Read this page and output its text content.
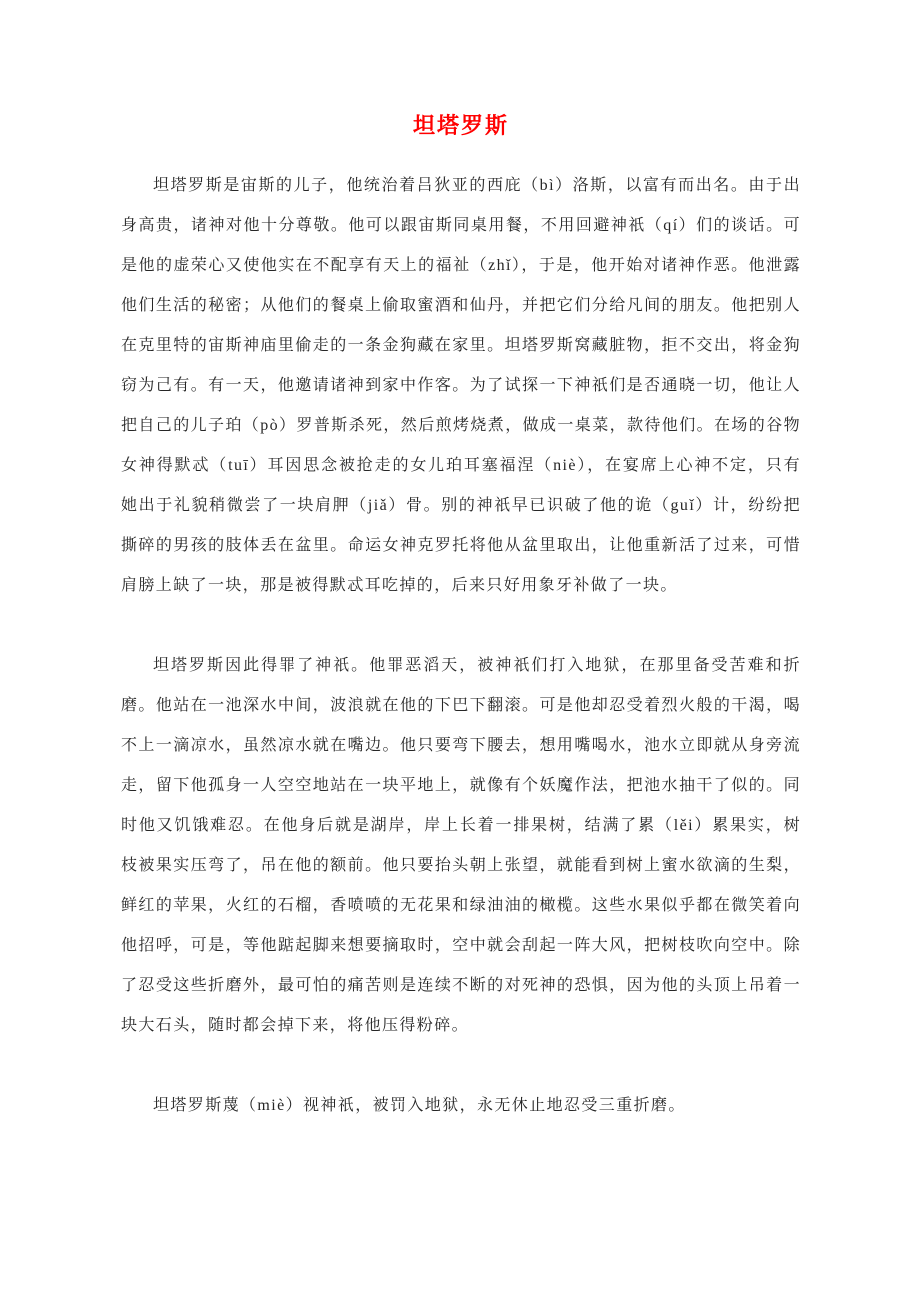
坦塔罗斯

坦塔罗斯是宙斯的儿子，他统治着吕狄亚的西庇（bì）洛斯，以富有而出名。由于出身高贵，诸神对他十分尊敬。他可以跟宙斯同桌用餐，不用回避神祇（qí）们的谈话。可是他的虚荣心又使他实在不配享有天上的福祉（zhǐ），于是，他开始对诸神作恶。他泄露他们生活的秘密；从他们的餐桌上偷取蜜酒和仙丹，并把它们分给凡间的朋友。他把别人在克里特的宙斯神庙里偷走的一条金狗藏在家里。坦塔罗斯窝藏脏物，拒不交出，将金狗窃为己有。有一天，他邀请诸神到家中作客。为了试探一下神祇们是否通晓一切，他让人把自己的儿子珀（pò）罗普斯杀死，然后煎烤烧煮，做成一桌菜，款待他们。在场的谷物女神得默忒（tuī）耳因思念被抢走的女儿珀耳塞福涅（niè），在宴席上心神不定，只有她出于礼貌稍微尝了一块肩胛（jiǎ）骨。别的神祇早已识破了他的诡（guǐ）计，纷纷把撕碎的男孩的肢体丢在盆里。命运女神克罗托将他从盆里取出，让他重新活了过来，可惜肩膀上缺了一块，那是被得默忒耳吃掉的，后来只好用象牙补做了一块。

坦塔罗斯因此得罪了神祇。他罪恶滔天，被神祇们打入地狱，在那里备受苦难和折磨。他站在一池深水中间，波浪就在他的下巴下翻滚。可是他却忍受着烈火般的干渴，喝不上一滴凉水，虽然凉水就在嘴边。他只要弯下腰去，想用嘴喝水，池水立即就从身旁流走，留下他孤身一人空空地站在一块平地上，就像有个妖魔作法，把池水抽干了似的。同时他又饥饿难忍。在他身后就是湖岸，岸上长着一排果树，结满了累（lěi）累果实，树枝被果实压弯了，吊在他的额前。他只要抬头朝上张望，就能看到树上蜜水欲滴的生梨，鲜红的苹果，火红的石榴，香喷喷的无花果和绿油油的橄榄。这些水果似乎都在微笑着向他招呼，可是，等他踮起脚来想要摘取时，空中就会刮起一阵大风，把树枝吹向空中。除了忍受这些折磨外，最可怕的痛苦则是连续不断的对死神的恐惧，因为他的头顶上吊着一块大石头，随时都会掉下来，将他压得粉碎。

坦塔罗斯蔑（miè）视神祇，被罚入地狱，永无休止地忍受三重折磨。
